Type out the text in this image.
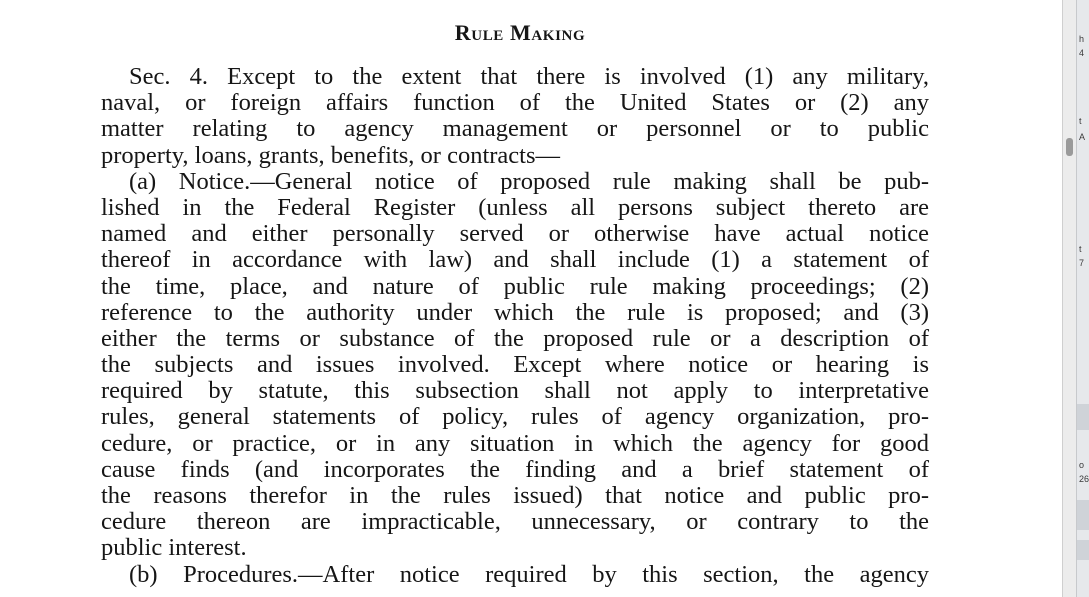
Rule Making
Sec. 4. Except to the extent that there is involved (1) any military,
naval, or foreign affairs function of the United States or (2) any
matter relating to agency management or personnel or to public
property, loans, grants, benefits, or contracts—
(a) Notice.—General notice of proposed rule making shall be pub-
lished in the Federal Register (unless all persons subject thereto are
named and either personally served or otherwise have actual notice
thereof in accordance with law) and shall include (1) a statement of
the time, place, and nature of public rule making proceedings; (2)
reference to the authority under which the rule is proposed; and (3)
either the terms or substance of the proposed rule or a description of
the subjects and issues involved. Except where notice or hearing is
required by statute, this subsection shall not apply to interpretative
rules, general statements of policy, rules of agency organization, pro-
cedure, or practice, or in any situation in which the agency for good
cause finds (and incorporates the finding and a brief statement of
the reasons therefor in the rules issued) that notice and public pro-
cedure thereon are impracticable, unnecessary, or contrary to the
public interest.
(b) Procedures.—After notice required by this section, the agency
h
4
t
A
t
7
o
26
